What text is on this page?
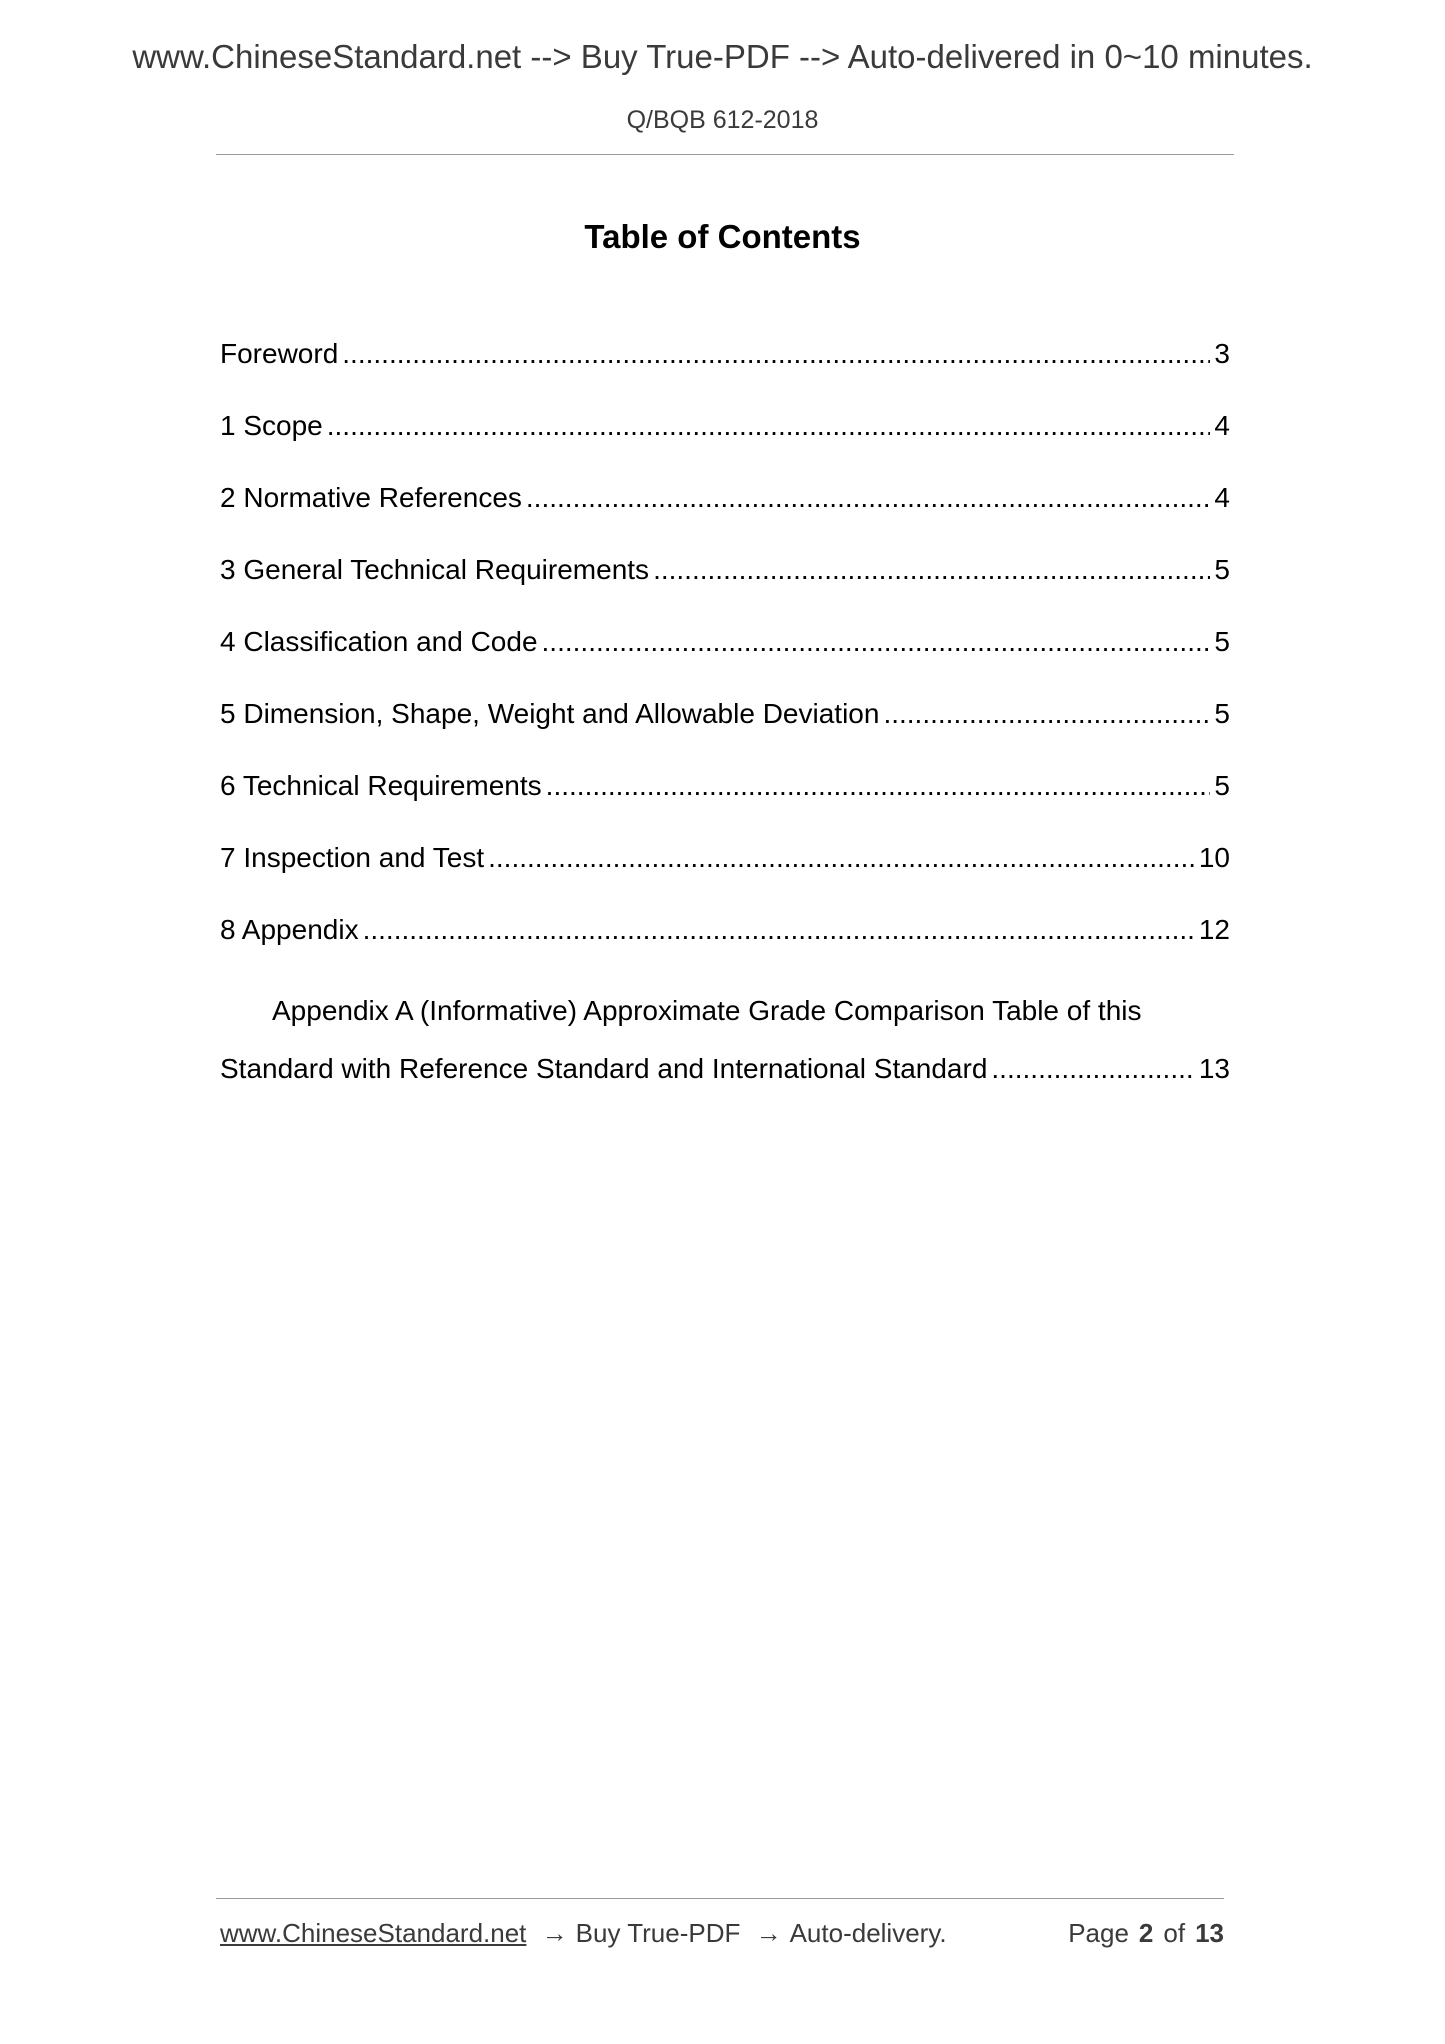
www.ChineseStandard.net --> Buy True-PDF --> Auto-delivered in 0~10 minutes.
Q/BQB 612-2018
Table of Contents
Foreword .....	3
1 Scope .....	4
2 Normative References .....	4
3 General Technical Requirements .....	5
4 Classification and Code .....	5
5 Dimension, Shape, Weight and Allowable Deviation .....	5
6 Technical Requirements .....	5
7 Inspection and Test .....	10
8 Appendix .....	12
Appendix A (Informative) Approximate Grade Comparison Table of this
Standard with Reference Standard and International Standard .....	13
www.ChineseStandard.net → Buy True-PDF → Auto-delivery.	Page 2 of 13
